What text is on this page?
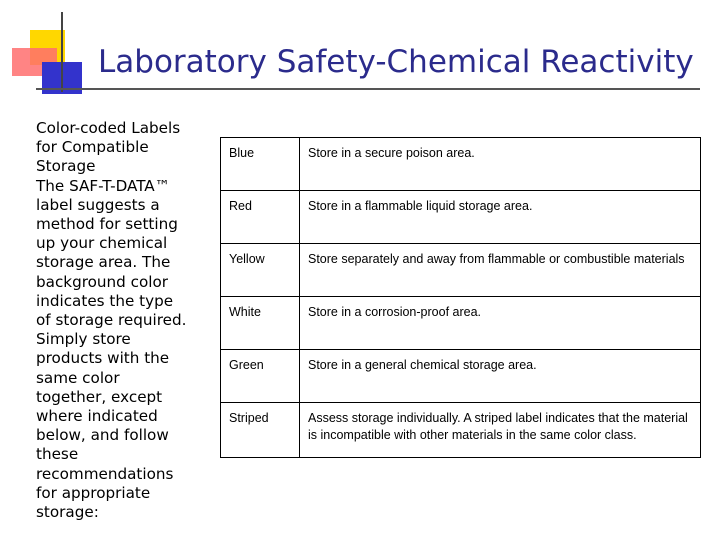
Laboratory Safety-Chemical Reactivity
Color-coded Labels
for Compatible
Storage
The SAF-T-DATA™
label suggests a
method for setting
up your chemical
storage area. The
background color
indicates the type
of storage required.
Simply store
products with the
same color
together, except
where indicated
below, and follow
these
recommendations
for appropriate
storage:
Blue	Store in a secure poison area.
Red	Store in a flammable liquid storage area.
Yellow	Store separately and away from flammable or combustible materials
White	Store in a corrosion-proof area.
Green	Store in a general chemical storage area.
Striped	Assess storage individually. A striped label indicates that the material is incompatible with other materials in the same color class.
